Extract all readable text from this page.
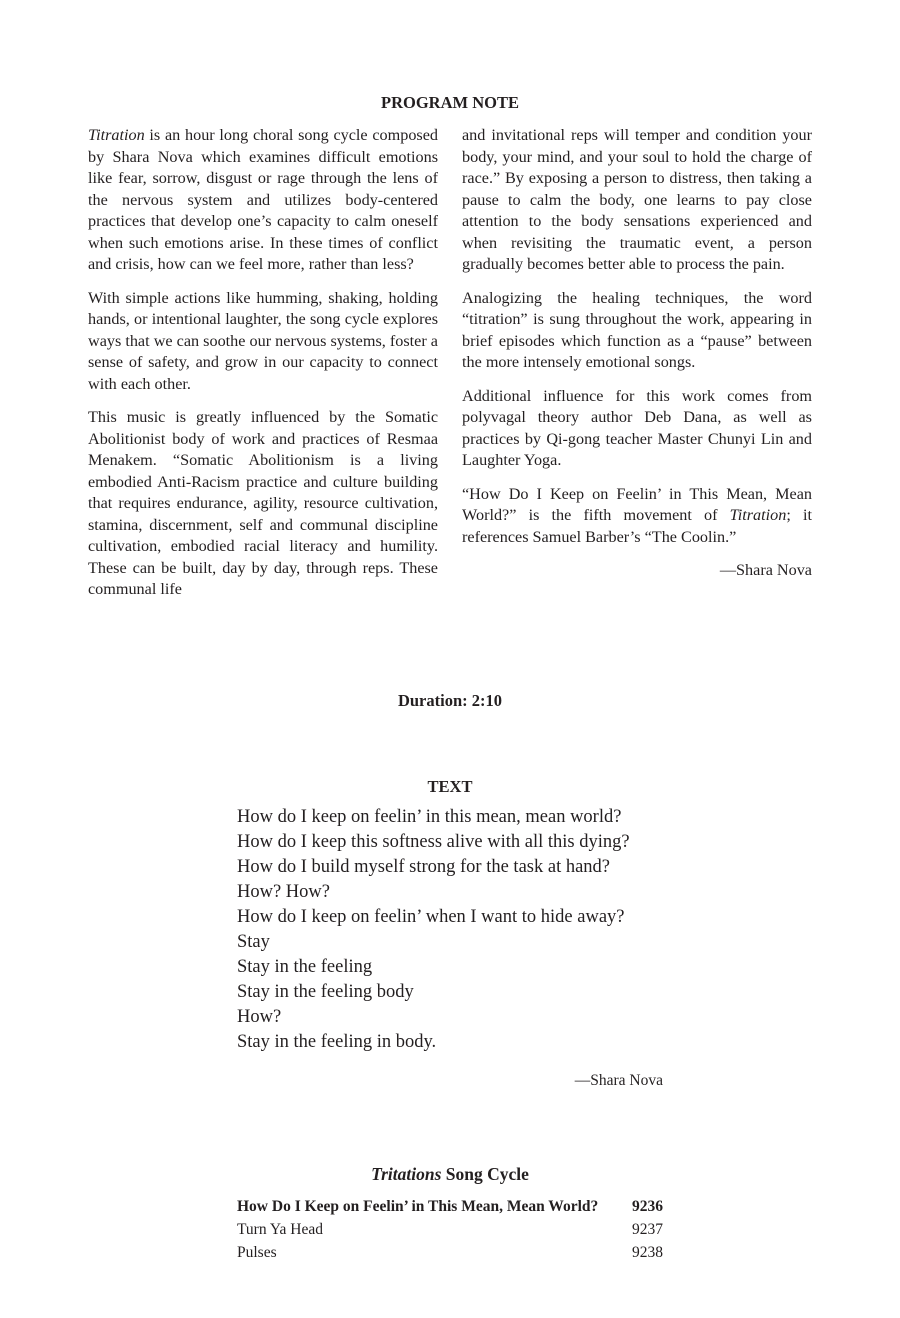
PROGRAM NOTE

Titration is an hour long choral song cycle composed by Shara Nova which examines difficult emotions like fear, sorrow, disgust or rage through the lens of the nervous system and utilizes body-centered practices that develop one’s capacity to calm oneself when such emotions arise. In these times of conflict and crisis, how can we feel more, rather than less?

With simple actions like humming, shaking, holding hands, or intentional laughter, the song cycle explores ways that we can soothe our nervous systems, foster a sense of safety, and grow in our capacity to connect with each other.

This music is greatly influenced by the Somatic Abolitionist body of work and practices of Resmaa Menakem. “Somatic Abolitionism is a living embodied Anti-Racism practice and culture building that requires endurance, agility, resource cultivation, stamina, discernment, self and communal discipline cultivation, embodied racial literacy and humility. These can be built, day by day, through reps. These communal life

and invitational reps will temper and condition your body, your mind, and your soul to hold the charge of race.” By exposing a person to distress, then taking a pause to calm the body, one learns to pay close attention to the body sensations experienced and when revisiting the traumatic event, a person gradually becomes better able to process the pain.

Analogizing the healing techniques, the word “titration” is sung throughout the work, appearing in brief episodes which function as a “pause” between the more intensely emotional songs.

Additional influence for this work comes from polyvagal theory author Deb Dana, as well as practices by Qi-gong teacher Master Chunyi Lin and Laughter Yoga.

“How Do I Keep on Feelin’ in This Mean, Mean World?” is the fifth movement of Titration; it references Samuel Barber’s “The Coolin.”

—Shara Nova

Duration: 2:10
TEXT
How do I keep on feelin’ in this mean, mean world?
How do I keep this softness alive with all this dying?
How do I build myself strong for the task at hand?
How? How?
How do I keep on feelin’ when I want to hide away?
Stay
Stay in the feeling
Stay in the feeling body
How?
Stay in the feeling in body.
—Shara Nova
Tritations Song Cycle
How Do I Keep on Feelin’ in This Mean, Mean World? 9236
Turn Ya Head	9237
Pulses	9238
